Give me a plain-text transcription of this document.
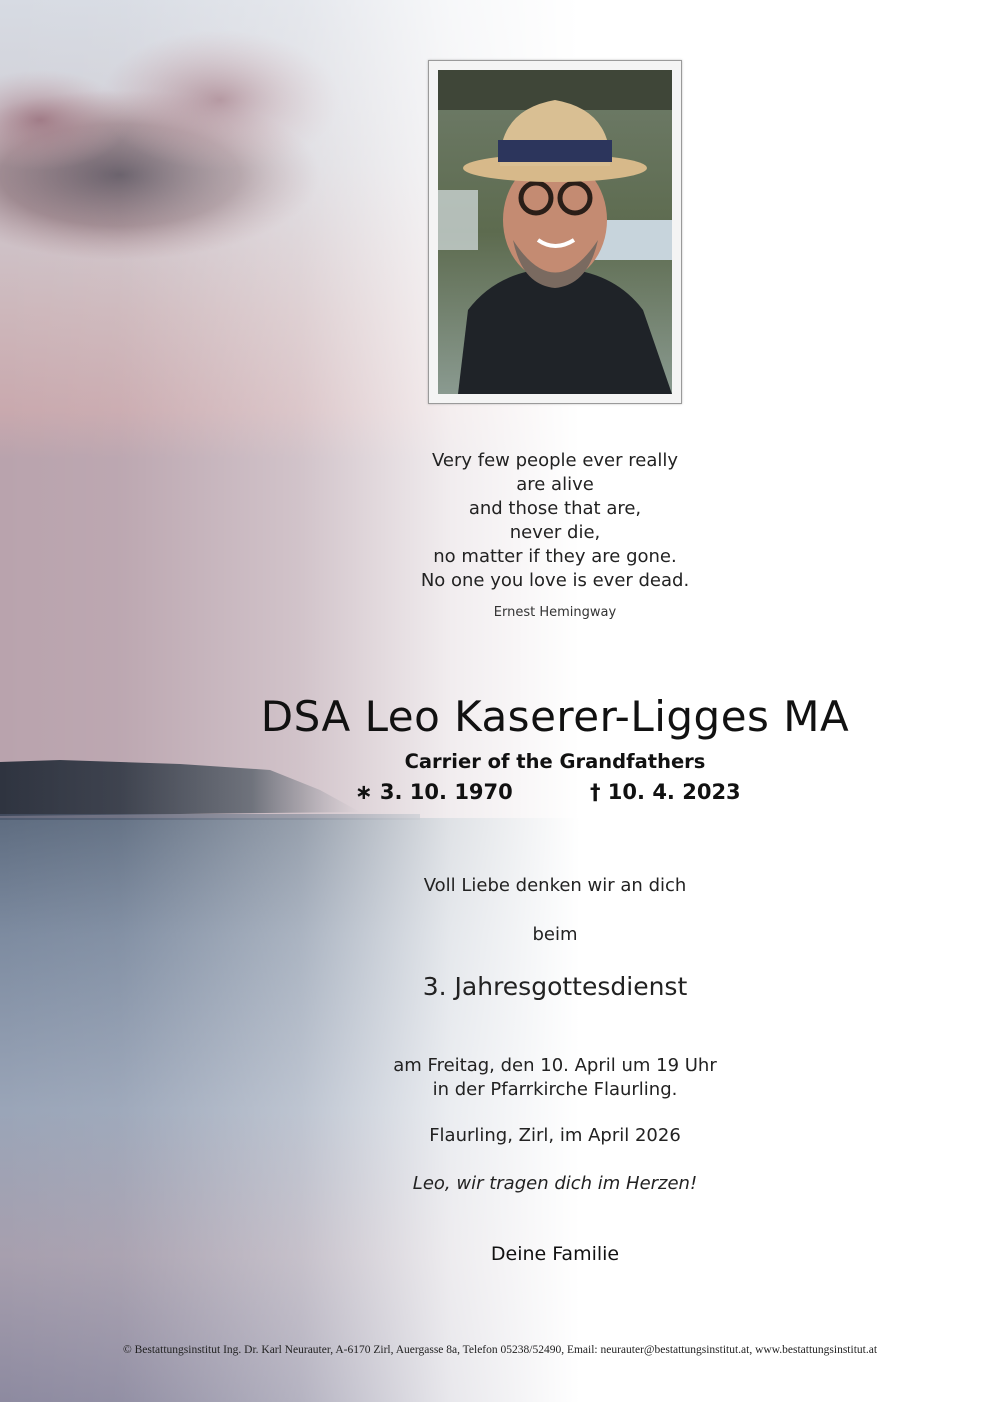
Very few people ever really
are alive
and those that are,
never die,
no matter if they are gone.
No one you love is ever dead.
Ernest Hemingway
DSA Leo Kaserer-Ligges MA
Carrier of the Grandfathers
∗ 3. 10. 1970	† 10. 4. 2023
Voll Liebe denken wir an dich
beim
3. Jahresgottesdienst
am Freitag, den 10. April um 19 Uhr
in der Pfarrkirche Flaurling.
Flaurling, Zirl, im April 2026
Leo, wir tragen dich im Herzen!
Deine Familie
© Bestattungsinstitut Ing. Dr. Karl Neurauter, A-6170 Zirl, Auergasse 8a, Telefon 05238/52490, Email: neurauter@bestattungsinstitut.at, www.bestattungsinstitut.at
